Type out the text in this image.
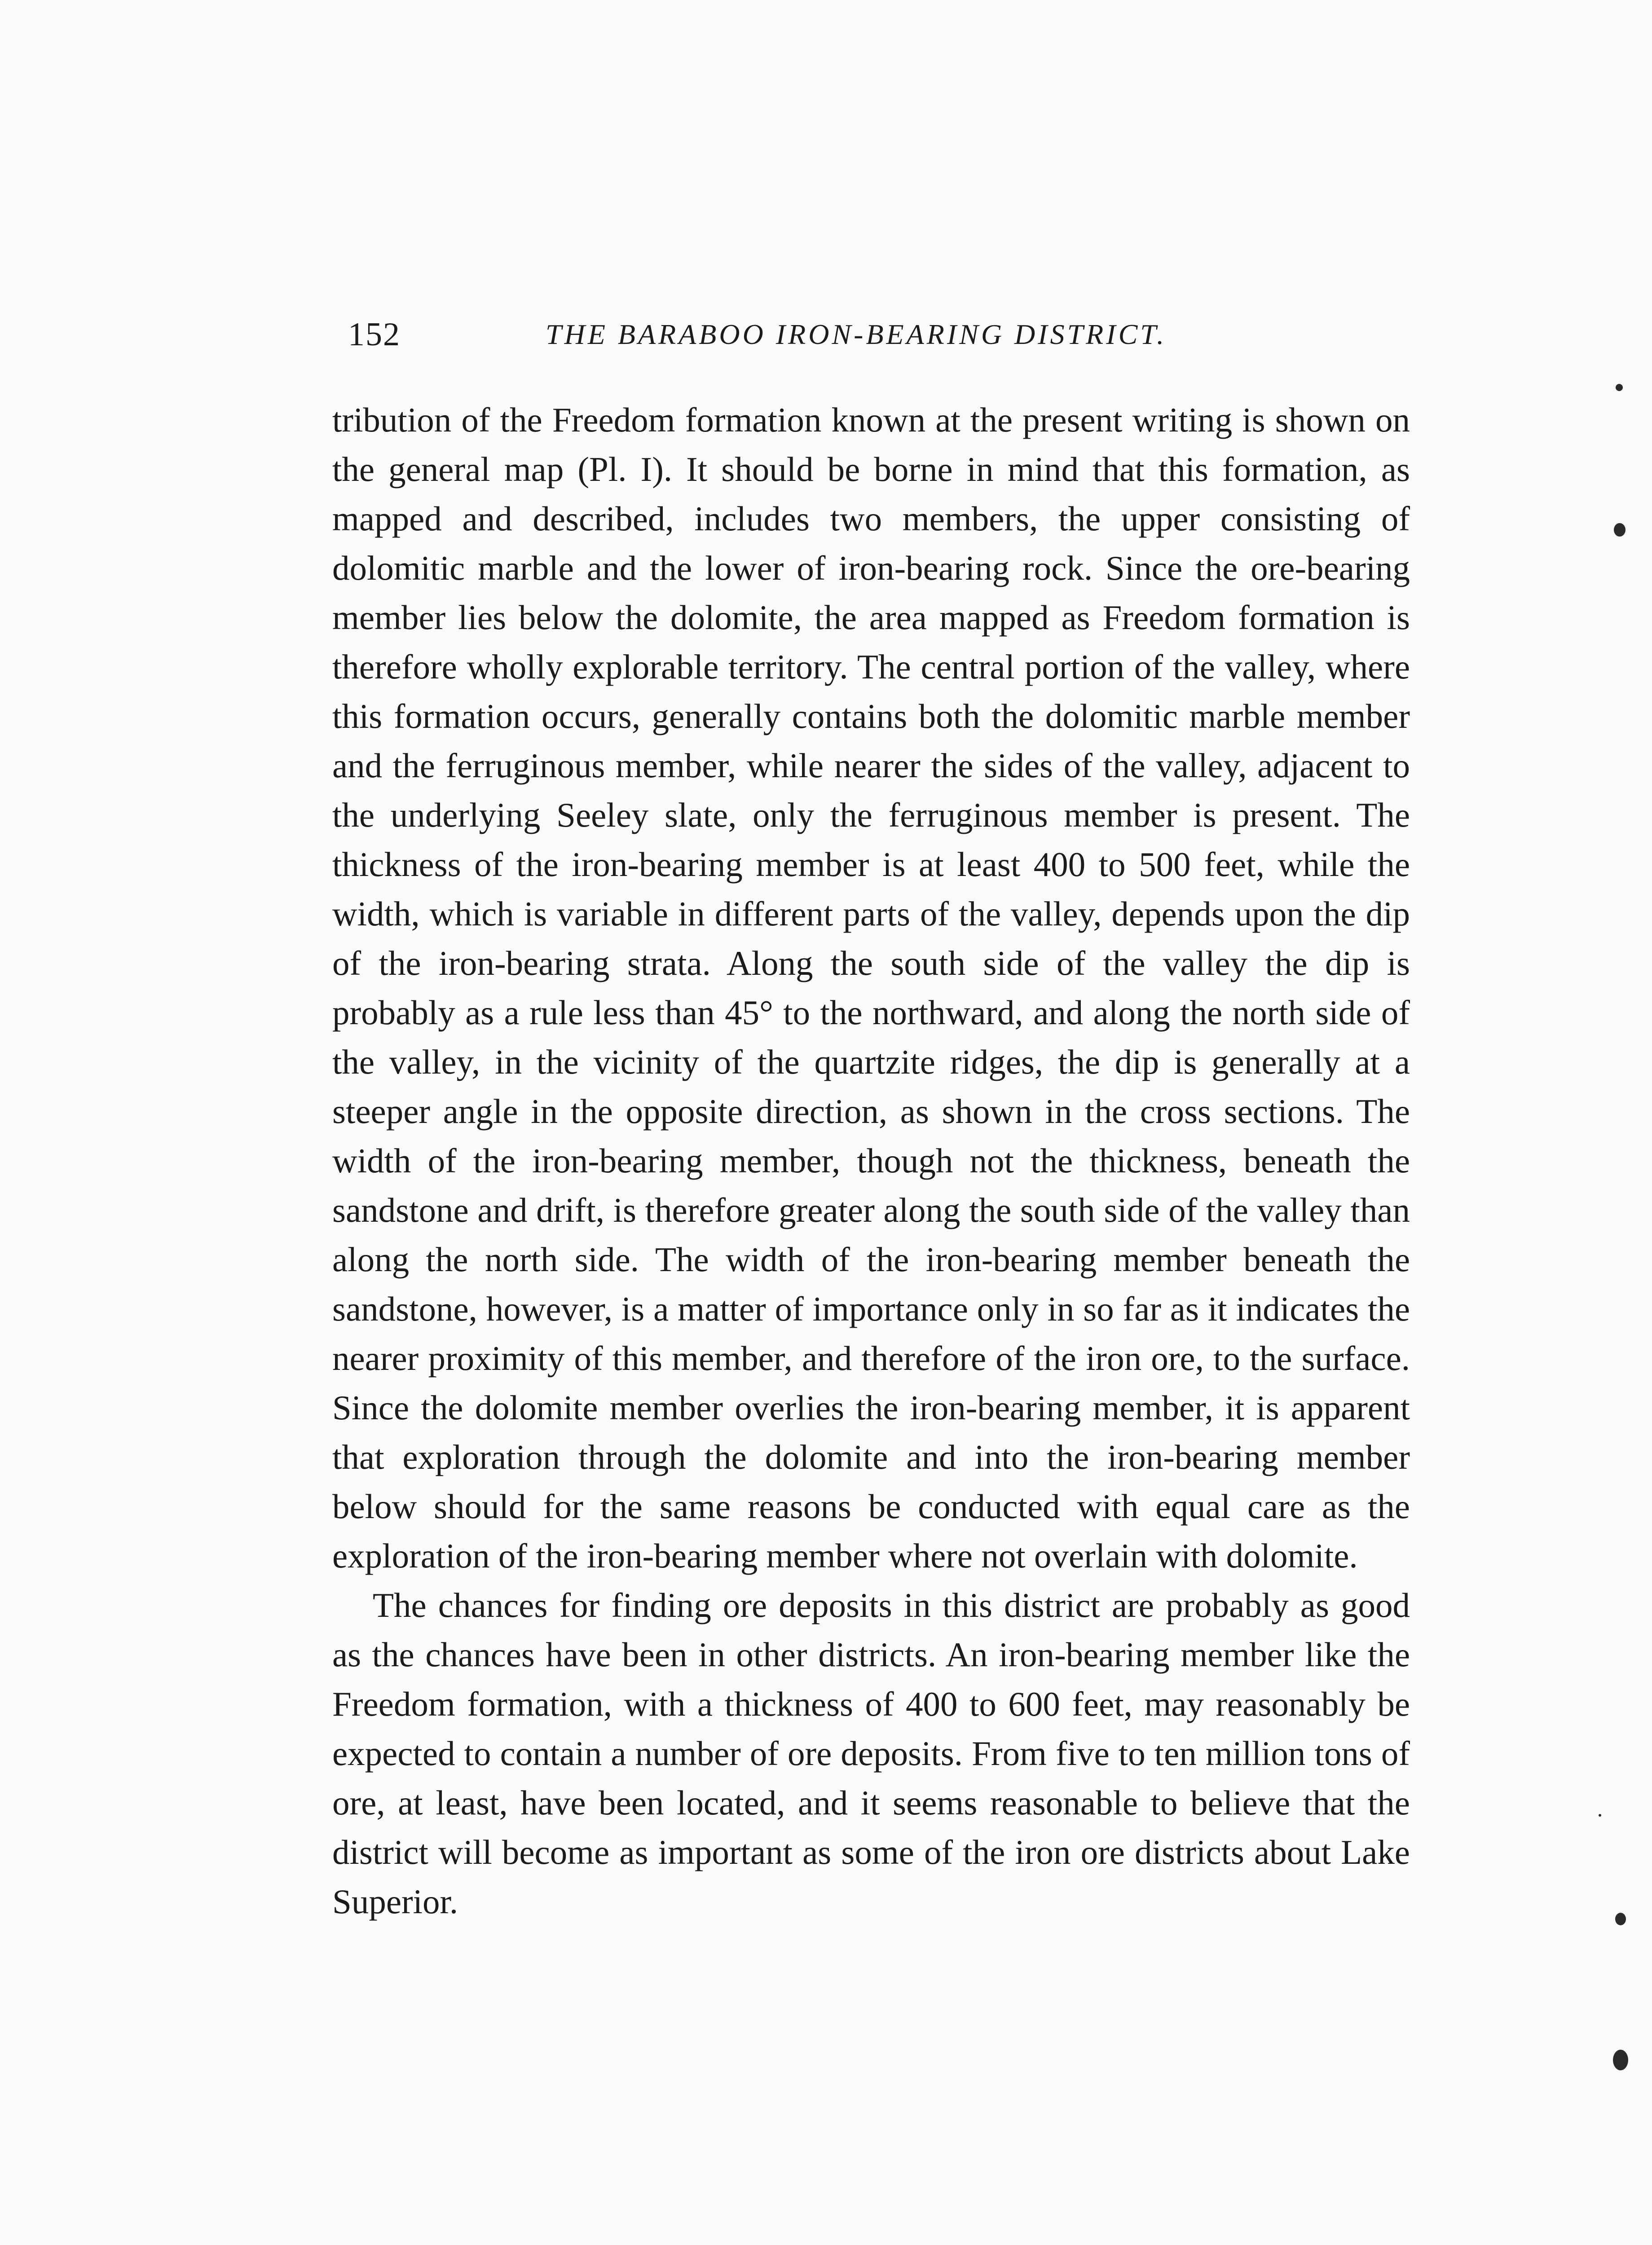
152	THE BARABOO IRON-BEARING DISTRICT.

tribution of the Freedom formation known at the present writing is shown on the general map (Pl. I). It should be borne in mind that this formation, as mapped and described, includes two members, the upper consisting of dolomitic marble and the lower of iron-bearing rock. Since the ore-bearing member lies below the dolomite, the area mapped as Freedom formation is therefore wholly explorable territory. The central portion of the valley, where this formation occurs, generally contains both the dolomitic marble member and the ferruginous member, while nearer the sides of the valley, adjacent to the underlying Seeley slate, only the ferruginous member is present. The thickness of the iron-bearing member is at least 400 to 500 feet, while the width, which is variable in different parts of the valley, depends upon the dip of the iron-bearing strata. Along the south side of the valley the dip is probably as a rule less than 45° to the northward, and along the north side of the valley, in the vicinity of the quartzite ridges, the dip is generally at a steeper angle in the opposite direction, as shown in the cross sections. The width of the iron-bearing member, though not the thickness, beneath the sandstone and drift, is therefore greater along the south side of the valley than along the north side. The width of the iron-bearing member beneath the sandstone, however, is a matter of importance only in so far as it indicates the nearer proximity of this member, and therefore of the iron ore, to the surface. Since the dolomite member overlies the iron-bearing member, it is apparent that exploration through the dolomite and into the iron-bearing member below should for the same reasons be conducted with equal care as the exploration of the iron-bearing member where not overlain with dolomite.

The chances for finding ore deposits in this district are probably as good as the chances have been in other districts. An iron-bearing member like the Freedom formation, with a thickness of 400 to 600 feet, may reasonably be expected to contain a number of ore deposits. From five to ten million tons of ore, at least, have been located, and it seems reasonable to believe that the district will become as important as some of the iron ore districts about Lake Superior.
